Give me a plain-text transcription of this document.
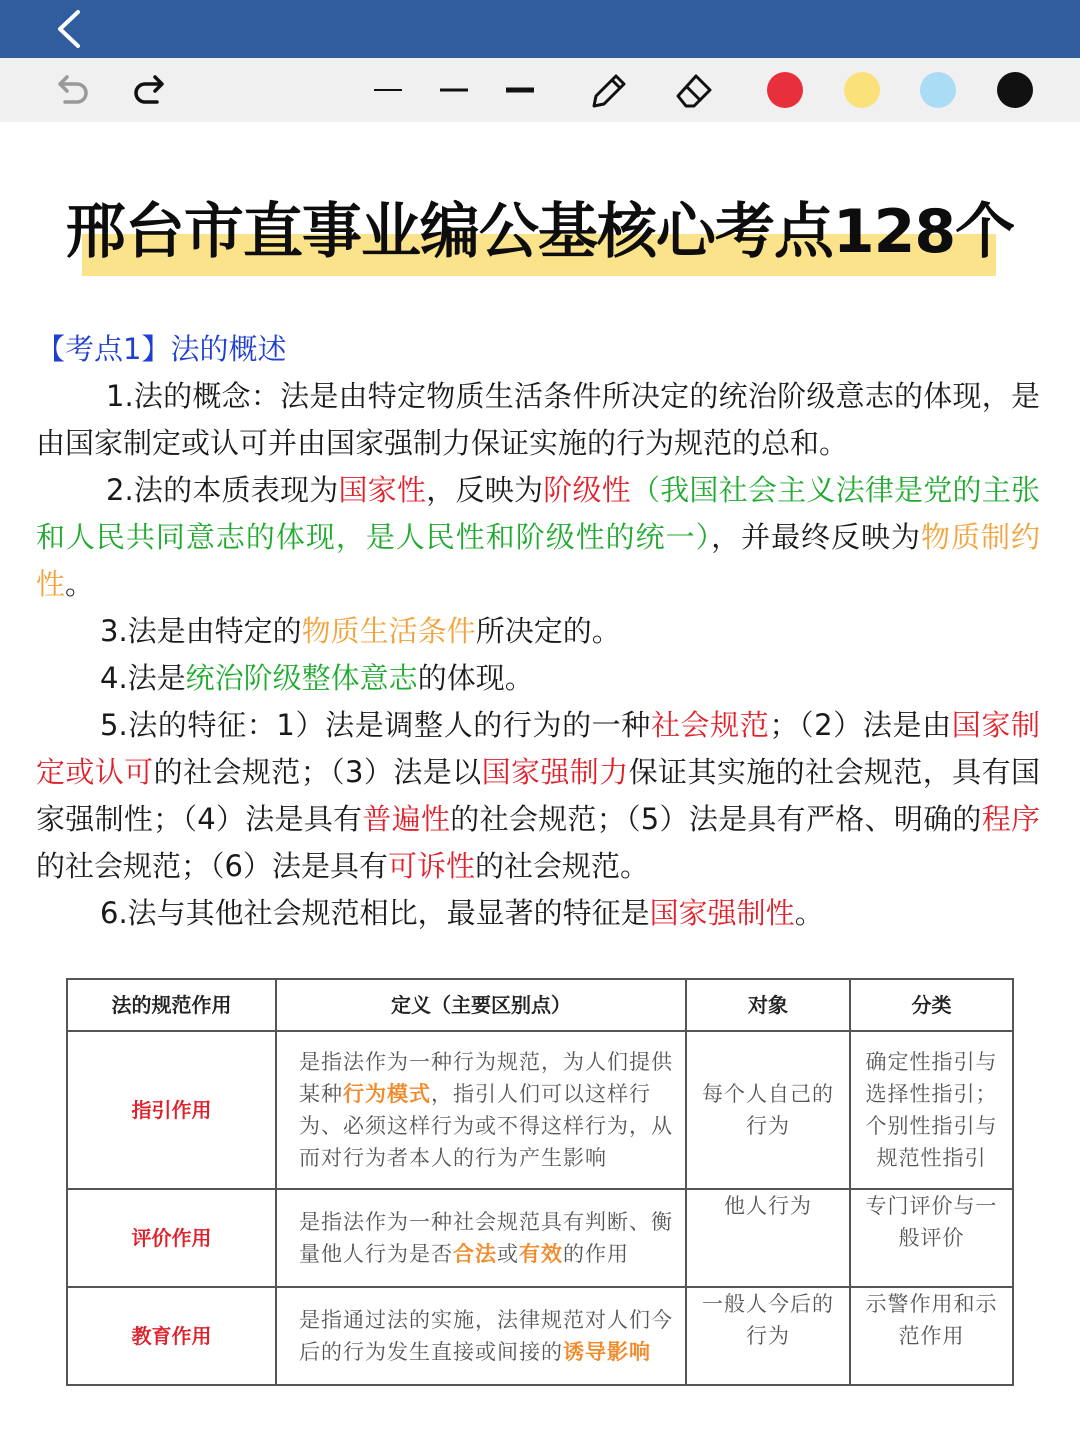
邢台市直事业编公基核心考点128个

【考点1】法的概述

1.法的概念：法是由特定物质生活条件所决定的统治阶级意志的体现，是由国家制定或认可并由国家强制力保证实施的行为规范的总和。

2.法的本质表现为国家性，反映为阶级性（我国社会主义法律是党的主张和人民共同意志的体现，是人民性和阶级性的统一），并最终反映为物质制约性。

3.法是由特定的物质生活条件所决定的。

4.法是统治阶级整体意志的体现。

5.法的特征：1）法是调整人的行为的一种社会规范；（2）法是由国家制定或认可的社会规范；（3）法是以国家强制力保证其实施的社会规范，具有国家强制性；（4）法是具有普遍性的社会规范；（5）法是具有严格、明确的程序的社会规范；（6）法是具有可诉性的社会规范。

6.法与其他社会规范相比，最显著的特征是国家强制性。

法的规范作用	定义（主要区别点）	对象	分类
指引作用	是指法作为一种行为规范，为人们提供某种行为模式，指引人们可以这样行为、必须这样行为或不得这样行为，从而对行为者本人的行为产生影响	每个人自己的行为	确定性指引与选择性指引；个别性指引与规范性指引
评价作用	是指法作为一种社会规范具有判断、衡量他人行为是否合法或有效的作用	他人行为	专门评价与一般评价
教育作用	是指通过法的实施，法律规范对人们今后的行为发生直接或间接的诱导影响	一般人今后的行为	示警作用和示范作用
